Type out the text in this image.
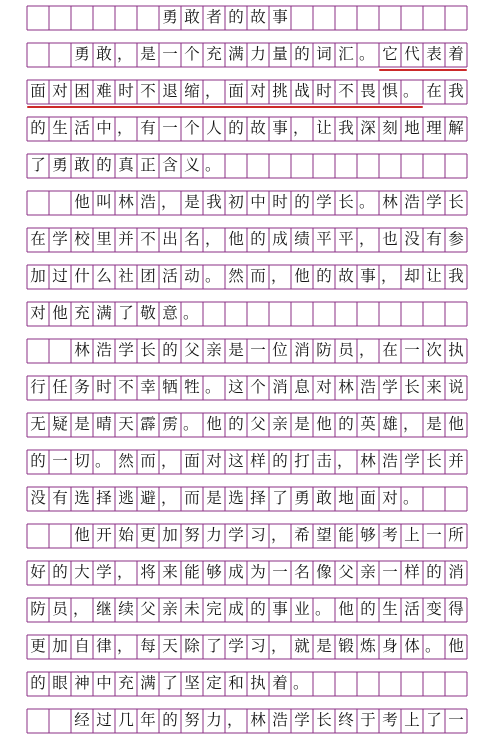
勇 敢 者 的 故 事
勇 敢 ， 是 一 个 充 满 力 量 的 词 汇 。 它 代 表 着
面 对 困 难 时 不 退 缩 ， 面 对 挑 战 时 不 畏 惧 。 在 我
的 生 活 中 ， 有 一 个 人 的 故 事 ， 让 我 深 刻 地 理 解
了 勇 敢 的 真 正 含 义 。
他 叫 林 浩 ， 是 我 初 中 时 的 学 长 。 林 浩 学 长
在 学 校 里 并 不 出 名 ， 他 的 成 绩 平 平 ， 也 没 有 参
加 过 什 么 社 团 活 动 。 然 而 ， 他 的 故 事 ， 却 让 我
对 他 充 满 了 敬 意 。
林 浩 学 长 的 父 亲 是 一 位 消 防 员 ， 在 一 次 执
行 任 务 时 不 幸 牺 牲 。 这 个 消 息 对 林 浩 学 长 来 说
无 疑 是 晴 天 霹 雳 。 他 的 父 亲 是 他 的 英 雄 ， 是 他
的 一 切 。 然 而 ， 面 对 这 样 的 打 击 ， 林 浩 学 长 并
没 有 选 择 逃 避 ， 而 是 选 择 了 勇 敢 地 面 对 。
他 开 始 更 加 努 力 学 习 ， 希 望 能 够 考 上 一 所
好 的 大 学 ， 将 来 能 够 成 为 一 名 像 父 亲 一 样 的 消
防 员 ， 继 续 父 亲 未 完 成 的 事 业 。 他 的 生 活 变 得
更 加 自 律 ， 每 天 除 了 学 习 ， 就 是 锻 炼 身 体 。 他
的 眼 神 中 充 满 了 坚 定 和 执 着 。
经 过 几 年 的 努 力 ， 林 浩 学 长 终 于 考 上 了 一
